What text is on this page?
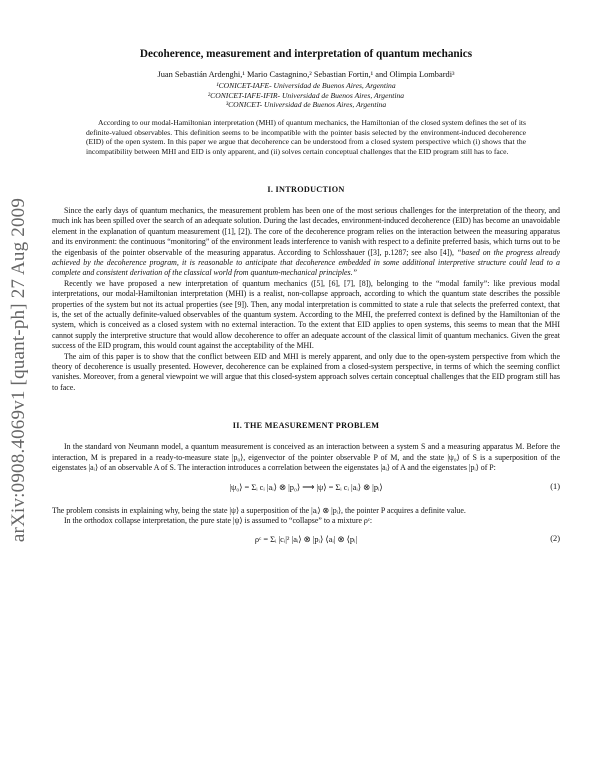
arXiv:0908.4069v1 [quant-ph] 27 Aug 2009
Decoherence, measurement and interpretation of quantum mechanics
Juan Sebastián Ardenghi,¹ Mario Castagnino,² Sebastian Fortin,¹ and Olimpia Lombardi³

¹CONICET-IAFE- Universidad de Buenos Aires, Argentina

²CONICET-IAFE-IFIR- Universidad de Buenos Aires, Argentina

³CONICET- Universidad de Buenos Aires, Argentina

According to our modal-Hamiltonian interpretation (MHI) of quantum mechanics, the Hamiltonian of the closed system defines the set of its definite-valued observables. This definition seems to be incompatible with the pointer basis selected by the environment-induced decoherence (EID) of the open system. In this paper we argue that decoherence can be understood from a closed system perspective which (i) shows that the incompatibility between MHI and EID is only apparent, and (ii) solves certain conceptual challenges that the EID program still has to face.

I. INTRODUCTION

Since the early days of quantum mechanics, the measurement problem has been one of the most serious challenges for the interpretation of the theory, and much ink has been spilled over the search of an adequate solution. During the last decades, environment-induced decoherence (EID) has become an unavoidable element in the explanation of quantum measurement ([1], [2]). The core of the decoherence program relies on the interaction between the measuring apparatus and its environment: the continuous “monitoring” of the environment leads interference to vanish with respect to a definite preferred basis, which turns out to be the eigenbasis of the pointer observable of the measuring apparatus. According to Schlosshauer ([3], p.1287; see also [4]), “based on the progress already achieved by the decoherence program, it is reasonable to anticipate that decoherence embedded in some additional interpretive structure could lead to a complete and consistent derivation of the classical world from quantum-mechanical principles.”

Recently we have proposed a new interpretation of quantum mechanics ([5], [6], [7], [8]), belonging to the “modal family”: like previous modal interpretations, our modal-Hamiltonian interpretation (MHI) is a realist, non-collapse approach, according to which the quantum state describes the possible properties of the system but not its actual properties (see [9]). Then, any modal interpretation is committed to state a rule that selects the preferred context, that is, the set of the actually definite-valued observables of the quantum system. According to the MHI, the preferred context is defined by the Hamiltonian of the system, which is conceived as a closed system with no external interaction. To the extent that EID applies to open systems, this seems to mean that the MHI cannot supply the interpretive structure that would allow decoherence to offer an adequate account of the classical limit of quantum mechanics. Given the great success of the EID program, this would count against the acceptability of the MHI.

The aim of this paper is to show that the conflict between EID and MHI is merely apparent, and only due to the open-system perspective from which the theory of decoherence is usually presented. However, decoherence can be explained from a closed-system perspective, in terms of which the seeming conflict vanishes. Moreover, from a general viewpoint we will argue that this closed-system approach solves certain conceptual challenges that the EID program still has to face.

II. THE MEASUREMENT PROBLEM

In the standard von Neumann model, a quantum measurement is conceived as an interaction between a system S and a measuring apparatus M. Before the interaction, M is prepared in a ready-to-measure state |p₀⟩, eigenvector of the pointer observable P of M, and the state |ψ₀⟩ of S is a superposition of the eigenstates |aᵢ⟩ of an observable A of S. The interaction introduces a correlation between the eigenstates |aᵢ⟩ of A and the eigenstates |pᵢ⟩ of P:

|ψ₀⟩ = Σᵢ cᵢ |aᵢ⟩ ⊗ |p₀⟩ ⟶ |ψ⟩ = Σᵢ cᵢ |aᵢ⟩ ⊗ |pᵢ⟩	(1)

The problem consists in explaining why, being the state |ψ⟩ a superposition of the |aᵢ⟩ ⊗ |pᵢ⟩, the pointer P acquires a definite value.

In the orthodox collapse interpretation, the pure state |ψ⟩ is assumed to “collapse” to a mixture ρᶜ:

ρᶜ = Σᵢ |cᵢ|² |aᵢ⟩ ⊗ |pᵢ⟩ ⟨aᵢ| ⊗ ⟨pᵢ|	(2)
